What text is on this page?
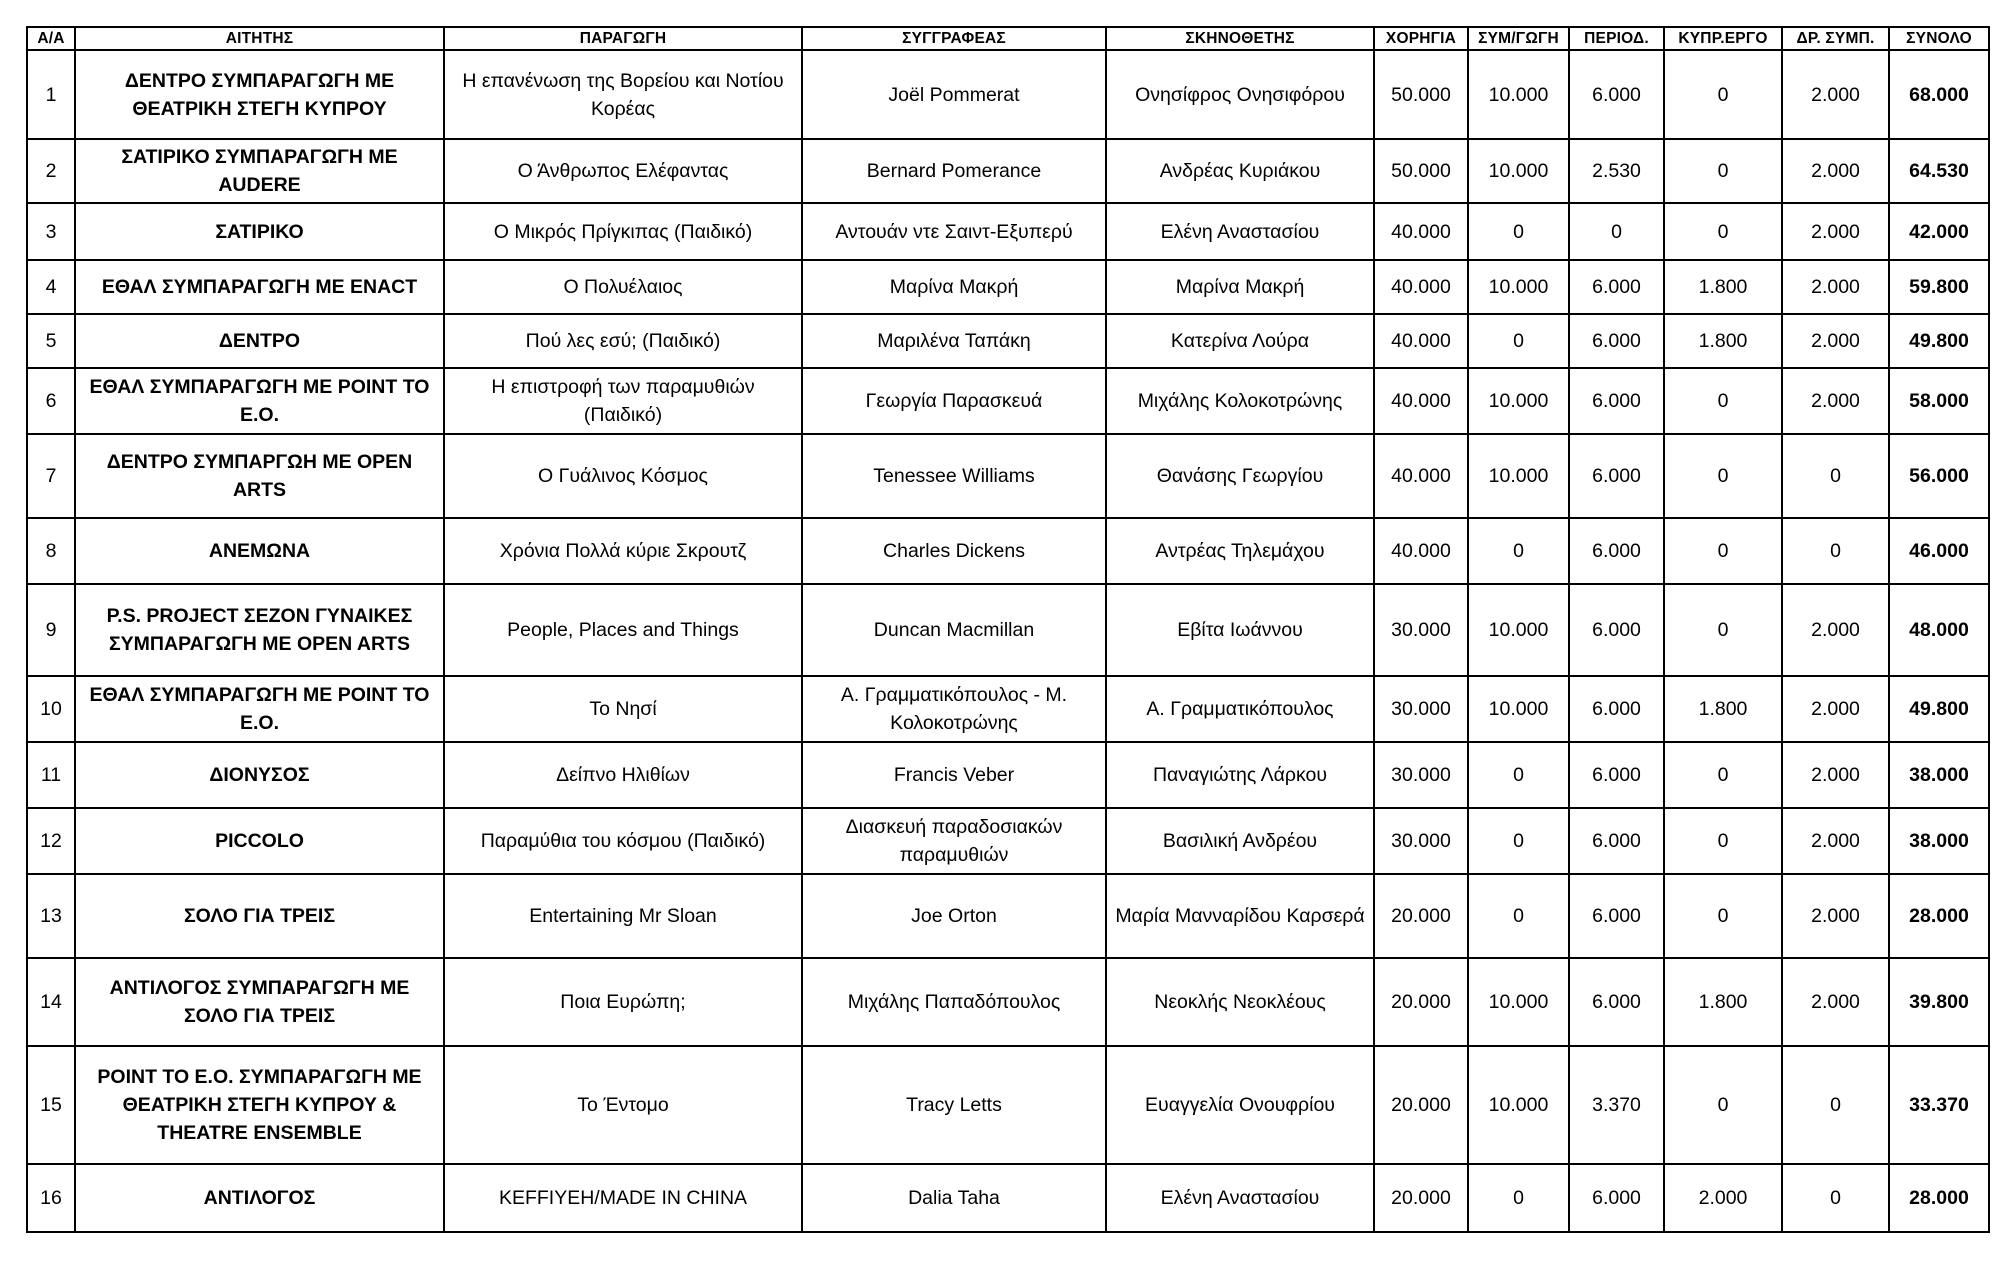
Α/Α	ΑΙΤΗΤΗΣ	ΠΑΡΑΓΩΓΗ	ΣΥΓΓΡΑΦΕΑΣ	ΣΚΗΝΟΘΕΤΗΣ	ΧΟΡΗΓΙΑ	ΣΥΜ/ΓΩΓΗ	ΠΕΡΙΟΔ.	ΚΥΠΡ.ΕΡΓΟ	ΔΡ. ΣΥΜΠ.	ΣΥΝΟΛΟ
1	ΔΕΝΤΡΟ ΣΥΜΠΑΡΑΓΩΓΗ ΜΕ ΘΕΑΤΡΙΚΗ ΣΤΕΓΗ ΚΥΠΡΟΥ	Η επανένωση της Βορείου και Νοτίου Κορέας	Joël Pommerat	Ονησίφρος Ονησιφόρου	50.000	10.000	6.000	0	2.000	68.000
2	ΣΑΤΙΡΙΚΟ ΣΥΜΠΑΡΑΓΩΓΗ ΜΕ AUDERE	Ο Άνθρωπος Ελέφαντας	Bernard Pomerance	Ανδρέας Κυριάκου	50.000	10.000	2.530	0	2.000	64.530
3	ΣΑΤΙΡΙΚΟ	Ο Μικρός Πρίγκιπας (Παιδικό)	Αντουάν ντε Σαιντ-Εξυπερύ	Ελένη Αναστασίου	40.000	0	0	0	2.000	42.000
4	ΕΘΑΛ ΣΥΜΠΑΡΑΓΩΓΗ ΜΕ ENACT	Ο Πολυέλαιος	Μαρίνα Μακρή	Μαρίνα Μακρή	40.000	10.000	6.000	1.800	2.000	59.800
5	ΔΕΝΤΡΟ	Πού λες εσύ; (Παιδικό)	Μαριλένα Ταπάκη	Κατερίνα Λούρα	40.000	0	6.000	1.800	2.000	49.800
6	ΕΘΑΛ ΣΥΜΠΑΡΑΓΩΓΗ ΜΕ POINT TO E.O.	Η επιστροφή των παραμυθιών (Παιδικό)	Γεωργία Παρασκευά	Μιχάλης Κολοκοτρώνης	40.000	10.000	6.000	0	2.000	58.000
7	ΔΕΝΤΡΟ ΣΥΜΠΑΡΓΩΗ ΜΕ OPEN ARTS	Ο Γυάλινος Κόσμος	Tenessee Williams	Θανάσης Γεωργίου	40.000	10.000	6.000	0	0	56.000
8	ΑΝΕΜΩΝΑ	Χρόνια Πολλά κύριε Σκρουτζ	Charles Dickens	Αντρέας Τηλεμάχου	40.000	0	6.000	0	0	46.000
9	P.S. PROJECT ΣΕΖΟΝ ΓΥΝΑΙΚΕΣ ΣΥΜΠΑΡΑΓΩΓΗ ΜΕ OPEN ARTS	People, Places and Things	Duncan Macmillan	Εβίτα Ιωάννου	30.000	10.000	6.000	0	2.000	48.000
10	ΕΘΑΛ ΣΥΜΠΑΡΑΓΩΓΗ ΜΕ POINT TO E.O.	Το Νησί	Α. Γραμματικόπουλος - Μ. Κολοκοτρώνης	Α. Γραμματικόπουλος	30.000	10.000	6.000	1.800	2.000	49.800
11	ΔΙΟΝΥΣΟΣ	Δείπνο Ηλιθίων	Francis Veber	Παναγιώτης Λάρκου	30.000	0	6.000	0	2.000	38.000
12	PICCOLO	Παραμύθια του κόσμου (Παιδικό)	Διασκευή παραδοσιακών παραμυθιών	Βασιλική Ανδρέου	30.000	0	6.000	0	2.000	38.000
13	ΣΟΛΟ ΓΙΑ ΤΡΕΙΣ	Entertaining Mr Sloan	Joe Orton	Μαρία Μανναρίδου Καρσερά	20.000	0	6.000	0	2.000	28.000
14	ΑΝΤΙΛΟΓΟΣ ΣΥΜΠΑΡΑΓΩΓΗ ΜΕ ΣΟΛΟ ΓΙΑ ΤΡΕΙΣ	Ποια Ευρώπη;	Μιχάλης Παπαδόπουλος	Νεοκλής Νεοκλέους	20.000	10.000	6.000	1.800	2.000	39.800
15	POINT TO E.O. ΣΥΜΠΑΡΑΓΩΓΗ ΜΕ ΘΕΑΤΡΙΚΗ ΣΤΕΓΗ ΚΥΠΡΟΥ & THEATRE ENSEMBLE	Το Έντομο	Tracy Letts	Ευαγγελία Ονουφρίου	20.000	10.000	3.370	0	0	33.370
16	ΑΝΤΙΛΟΓΟΣ	KEFFIYEH/MADE IN CHINA	Dalia Taha	Ελένη Αναστασίου	20.000	0	6.000	2.000	0	28.000
